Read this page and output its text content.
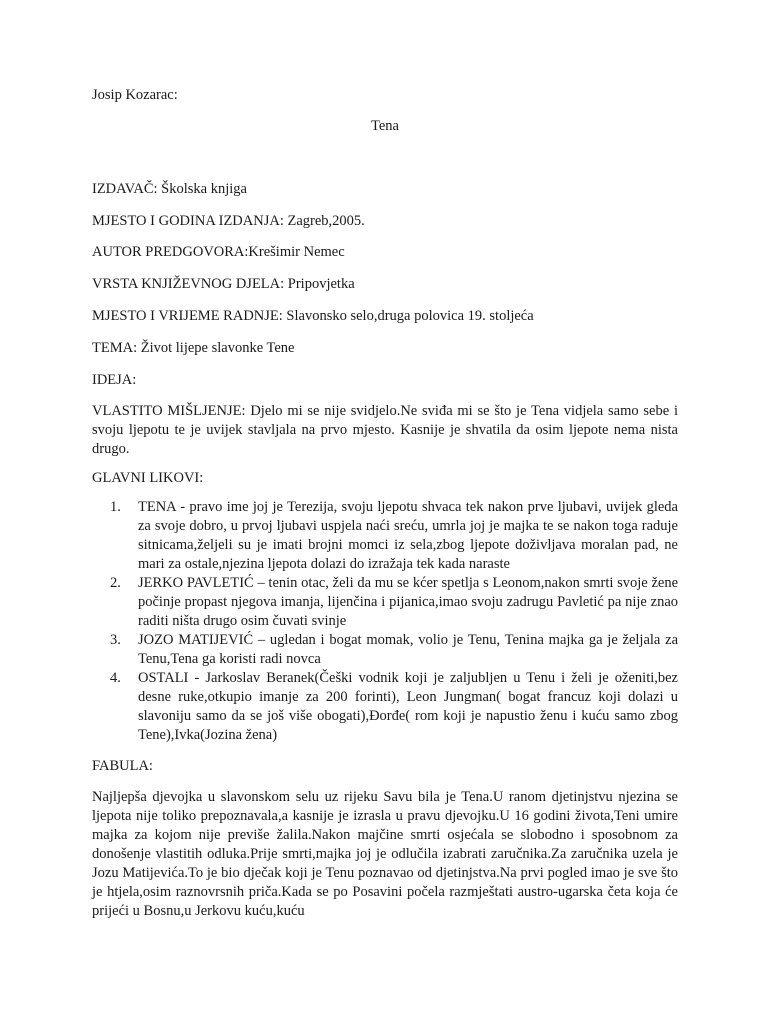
Josip Kozarac:
Tena
IZDAVAČ: Školska knjiga
MJESTO I GODINA IZDANJA: Zagreb,2005.
AUTOR PREDGOVORA:Krešimir Nemec
VRSTA KNJIŽEVNOG DJELA: Pripovjetka
MJESTO I VRIJEME RADNJE: Slavonsko selo,druga polovica 19. stoljeća
TEMA: Život lijepe slavonke Tene
IDEJA:
VLASTITO MIŠLJENJE: Djelo mi se nije svidjelo.Ne sviđa mi se što je Tena vidjela samo sebe i svoju ljepotu te je uvijek stavljala na prvo mjesto. Kasnije je shvatila da osim ljepote nema nista drugo.
GLAVNI LIKOVI:
1. TENA - pravo ime joj je Terezija, svoju ljepotu shvaca tek nakon prve ljubavi, uvijek gleda za svoje dobro, u prvoj ljubavi uspjela naći sreću, umrla joj je majka te se nakon toga raduje sitnicama,željeli su je imati brojni momci iz sela,zbog ljepote doživljava moralan pad, ne mari za ostale,njezina ljepota dolazi do izražaja tek kada naraste
2. JERKO PAVLETIĆ – tenin otac, želi da mu se kćer spetlja s Leonom,nakon smrti svoje žene počinje propast njegova imanja, lijenčina i pijanica,imao svoju zadrugu Pavletić pa nije znao raditi ništa drugo osim čuvati svinje
3. JOZO MATIJEVIĆ – ugledan i bogat momak, volio je Tenu, Tenina majka ga je željala za Tenu,Tena ga koristi radi novca
4. OSTALI - Jarkoslav Beranek(Češki vodnik koji je zaljubljen u Tenu i želi je oženiti,bez desne ruke,otkupio imanje za 200 forinti), Leon Jungman( bogat francuz koji dolazi u slavoniju samo da se još više obogati),Đorđe( rom koji je napustio ženu i kuću samo zbog Tene),Ivka(Jozina žena)
FABULA:
Najljepša djevojka u slavonskom selu uz rijeku Savu bila je Tena.U ranom djetinjstvu njezina se ljepota nije toliko prepoznavala,a kasnije je izrasla u pravu djevojku.U 16 godini života,Teni umire majka za kojom nije previše žalila.Nakon majčine smrti osjećala se slobodno i sposobnom za donošenje vlastitih odluka.Prije smrti,majka joj je odlučila izabrati zaručnika.Za zaručnika uzela je Jozu Matijevića.To je bio dječak koji je Tenu poznavao od djetinjstva.Na prvi pogled imao je sve što je htjela,osim raznovrsnih priča.Kada se po Posavini počela razmještati austro-ugarska četa koja će prijeći u Bosnu,u Jerkovu kuću,kuću
